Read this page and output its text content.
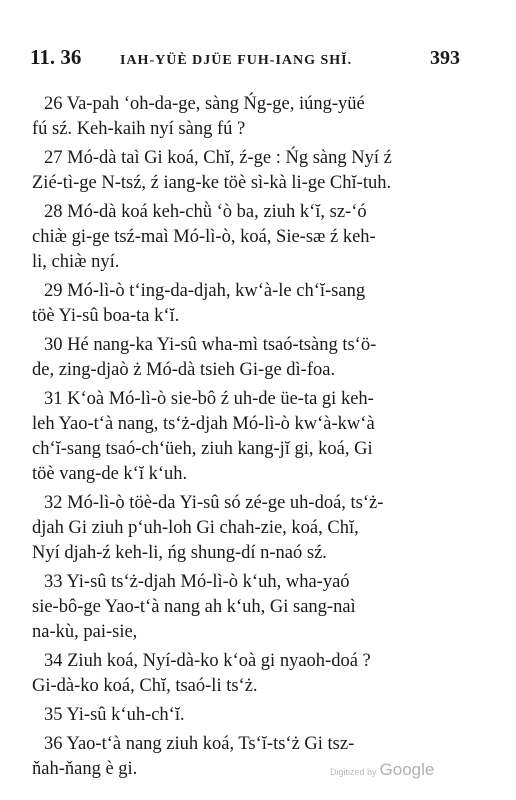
11. 36	IAH-YÜÈ DJÜE FUH-IANG SHĬ.	393
26 Va-pah ‘oh-da-ge, sàng Ńg-ge, iúng-yüé
fú sź. Keh-kaih nyí sàng fú ?
27 Mó-dà taì Gi koá, Chĭ, ź-ge : Ńg sàng Nyí ź
Zié-tì-ge N-tsź, ź iang-ke töè sì-kà li-ge Chĭ-tuh.
28 Mó-dà koá keh-chǜ ‘ò ba, ziuh k‘ĭ, sz-‘ó
chiæ̀ gi-ge tsź-maì Mó-lì-ò, koá, Sie-sæ ź keh-
li, chiæ̀ nyí.
29 Mó-lì-ò t‘ing-da-djah, kw‘à-le ch‘ĭ-sang
töè Yi-sû boa-ta k‘ĭ.
30 Hé nang-ka Yi-sû wha-mì tsaó-tsàng ts‘ö-
de, zing-djaò ż Mó-dà tsieh Gi-ge dì-foa.
31 K‘oà Mó-lì-ò sie-bô ź uh-de üe-ta gi keh-
leh Yao-t‘à nang, ts‘ż-djah Mó-lì-ò kw‘à-kw‘à
ch‘ĭ-sang tsaó-ch‘üeh, ziuh kang-jĭ gi, koá, Gi
töè vang-de k‘ĭ k‘uh.
32 Mó-lì-ò töè-da Yi-sû só zé-ge uh-doá, ts‘ż-
djah Gi ziuh p‘uh-loh Gi chah-zie, koá, Chĭ,
Nyí djah-ź keh-li, ńg shung-dí n-naó sź.
33 Yi-sû ts‘ż-djah Mó-lì-ò k‘uh, wha-yaó
sie-bô-ge Yao-t‘à nang ah k‘uh, Gi sang-naì
na-kù, pai-sie,
34 Ziuh koá, Nyí-dà-ko k‘oà gi nyaoh-doá ?
Gi-dà-ko koá, Chĭ, tsaó-li ts‘ż.
35 Yi-sû k‘uh-ch‘ĭ.
36 Yao-t‘à nang ziuh koá, Ts‘ĭ-ts‘ż Gi tsz-
ňah-ňang è gi.	Digitized by Google
